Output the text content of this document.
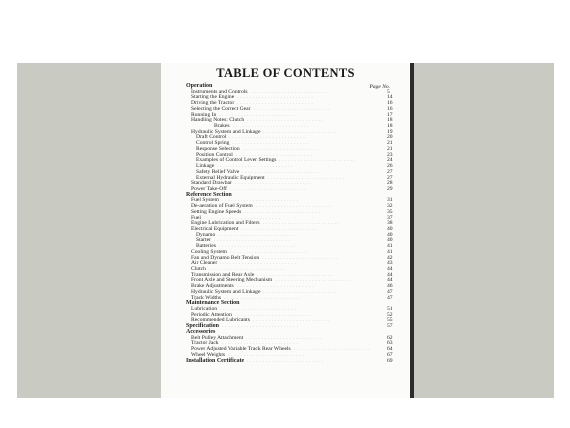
TABLE OF CONTENTS
Page No.
Operation
Instruments and Controls ·························	5
Starting the Engine ·························	14
Driving the Tractor ·························	16
Selecting the Correct Gear ·························	16
Running In ·························	17
Handling Notes: Clutch ·························	18
Brakes ·························	18
Hydraulic System and Linkage ·························	19
Draft Control ·························	20
Control Spring ·························	21
Response Selection ·························	21
Position Control ·························	23
Examples of Control Lever Settings ·························	24
Linkage ·························	26
Safety Relief Valve ·························	27
External Hydraulic Equipment ·························	27
Standard Drawbar ·························	28
Power Take-Off ·························	29
Reference Section
Fuel System ·························	31
De-aeration of Fuel System ·························	32
Setting Engine Speeds ·························	35
Fuel ·························	37
Engine Lubrication and Filters ·························	38
Electrical Equipment ·························	40
Dynamo ·························	40
Starter ·························	40
Batteries ·························	41
Cooling System ·························	41
Fan and Dynamo Belt Tension ·························	42
Air Cleaner ·························	43
Clutch ·························	44
Transmission and Rear Axle ·························	44
Front Axle and Steering Mechanism ·························	44
Brake Adjustments ·························	46
Hydraulic System and Linkage ·························	47
Track Widths ·························	47
Maintenance Section
Lubrication ·························	51
Periodic Attention ·························	52
Recommended Lubricants ·························	55
Specification ·························	57
Accessories
Belt Pulley Attachment ·························	62
Tractor Jack ·························	63
Power Adjusted Variable Track Rear Wheels ·························	64
Wheel Weights ·························	67
Installation Certificate ·························	69
